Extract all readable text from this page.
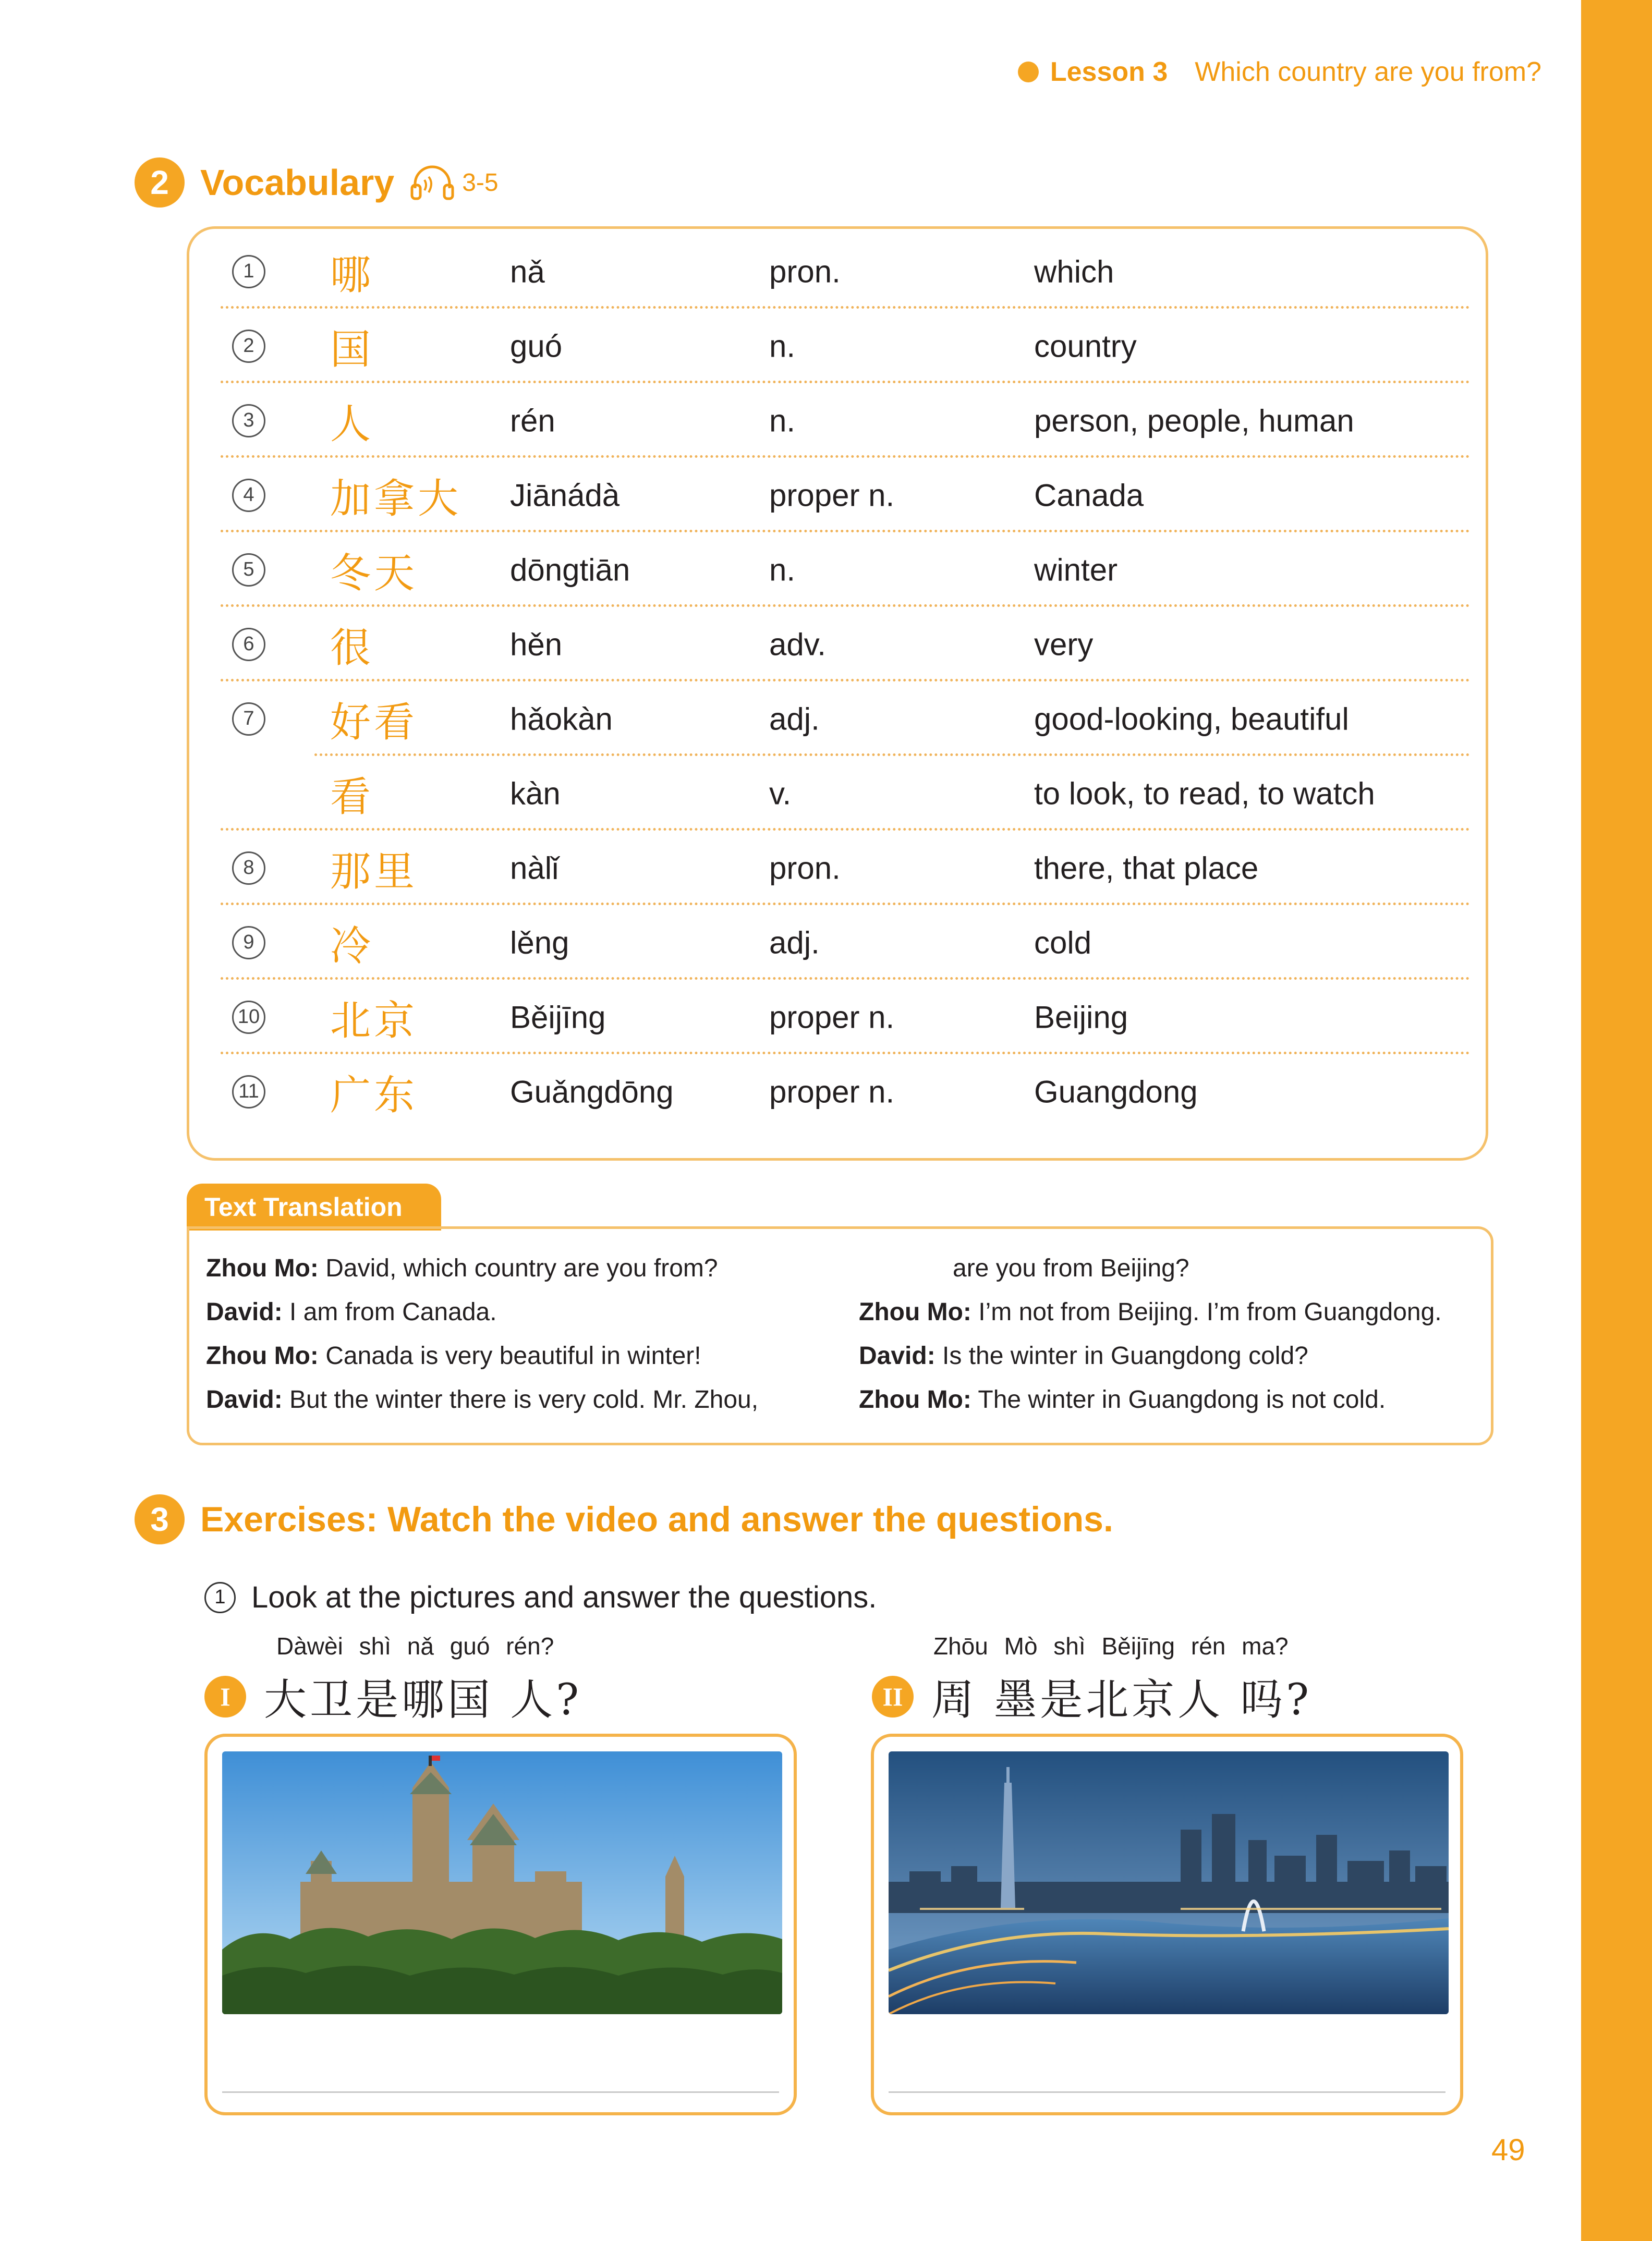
Lesson 3 Which country are you from?
2 Vocabulary	3-5
1 哪	nǎ	pron.	which
2 国	guó	n.	country
3 人	rén	n.	person, people, human
4 加拿大 Jiānádà	proper n.	Canada
5 冬天	dōngtiān	n.	winter
6 很	hěn	adv.	very
7 好看	hǎokàn	adj.	good-looking, beautiful
看	kàn	v.	to look, to read, to watch
8 那里	nàlǐ	pron.	there, that place
9 冷	lěng	adj.	cold
10 北京	Běijīng	proper n.	Beijing
11 广东	Guǎngdōng	proper n.	Guangdong
Text Translation
Zhou Mo: David, which country are you from?
David: I am from Canada.
Zhou Mo: Canada is very beautiful in winter!
David: But the winter there is very cold. Mr. Zhou,
are you from Beijing?
Zhou Mo: I’m not from Beijing. I’m from Guangdong.
David: Is the winter in Guangdong cold?
Zhou Mo: The winter in Guangdong is not cold.
3 Exercises: Watch the video and answer the questions.
1 Look at the pictures and answer the questions.
Dàwèi shì nǎ guó rén?
I 大卫是哪国 人?
Zhōu Mò shì Běijīng rén ma?
II 周 墨是北京人 吗?
49
